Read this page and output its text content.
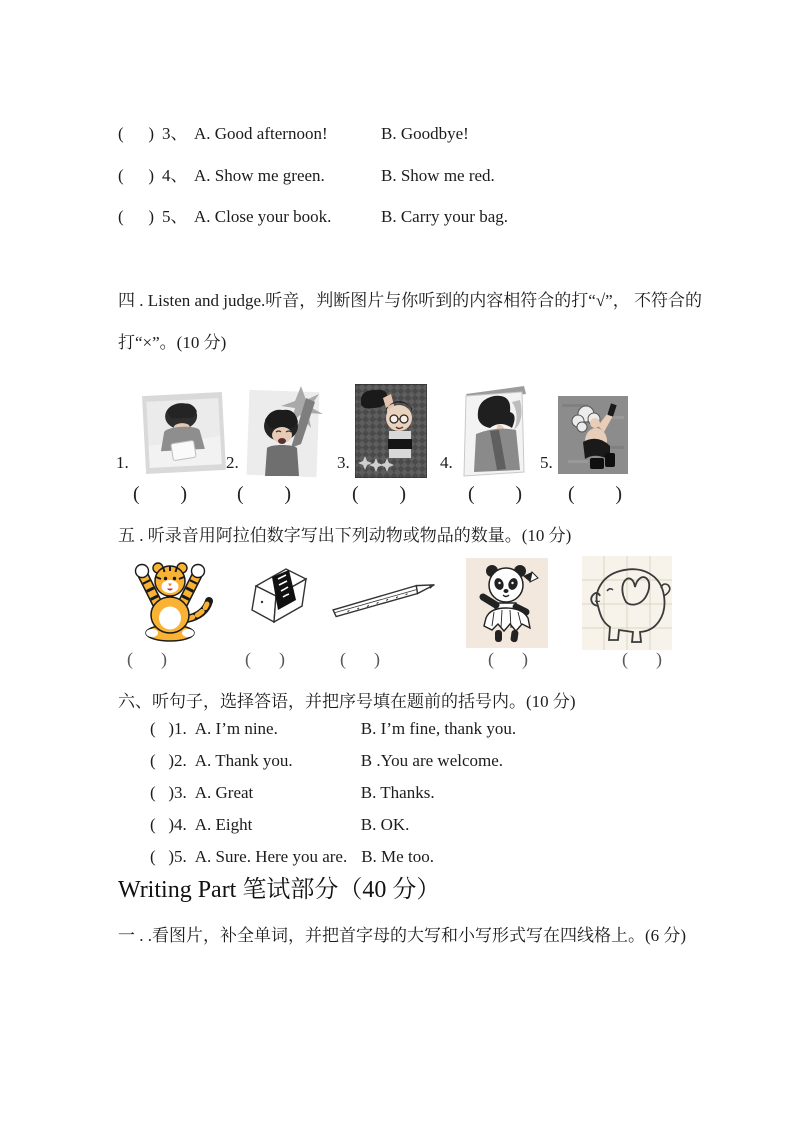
( ) 3、 A. Good afternoon!	B. Goodbye!
( ) 4、 A. Show me green.	B. Show me red.
( ) 5、 A. Close your book.	B. Carry your bag.
四 . Listen and judge.听音，判断图片与你听到的内容相符合的打“√”， 不符合的
打“×”。(10 分)
1.	2.	3.	4.	5.
( )	( )	( )	( ) ( )
五 . 听录音用阿拉伯数字写出下列动物或物品的数量。(10 分)
( )	( )	( )	( )	( )
六、听句子，选择答语，并把序号填在题前的括号内。(10 分)
( ) 1. A. I’m nine.	B. I’m fine, thank you.
( ) 2. A. Thank you.	B .You are welcome.
( ) 3. A. Great	B. Thanks.
( ) 4. A. Eight	B. OK.
( ) 5. A. Sure. Here you are. B. Me too.
Writing Part 笔试部分（40 分）
一 . .看图片，补全单词，并把首字母的大写和小写形式写在四线格上。(6 分)
